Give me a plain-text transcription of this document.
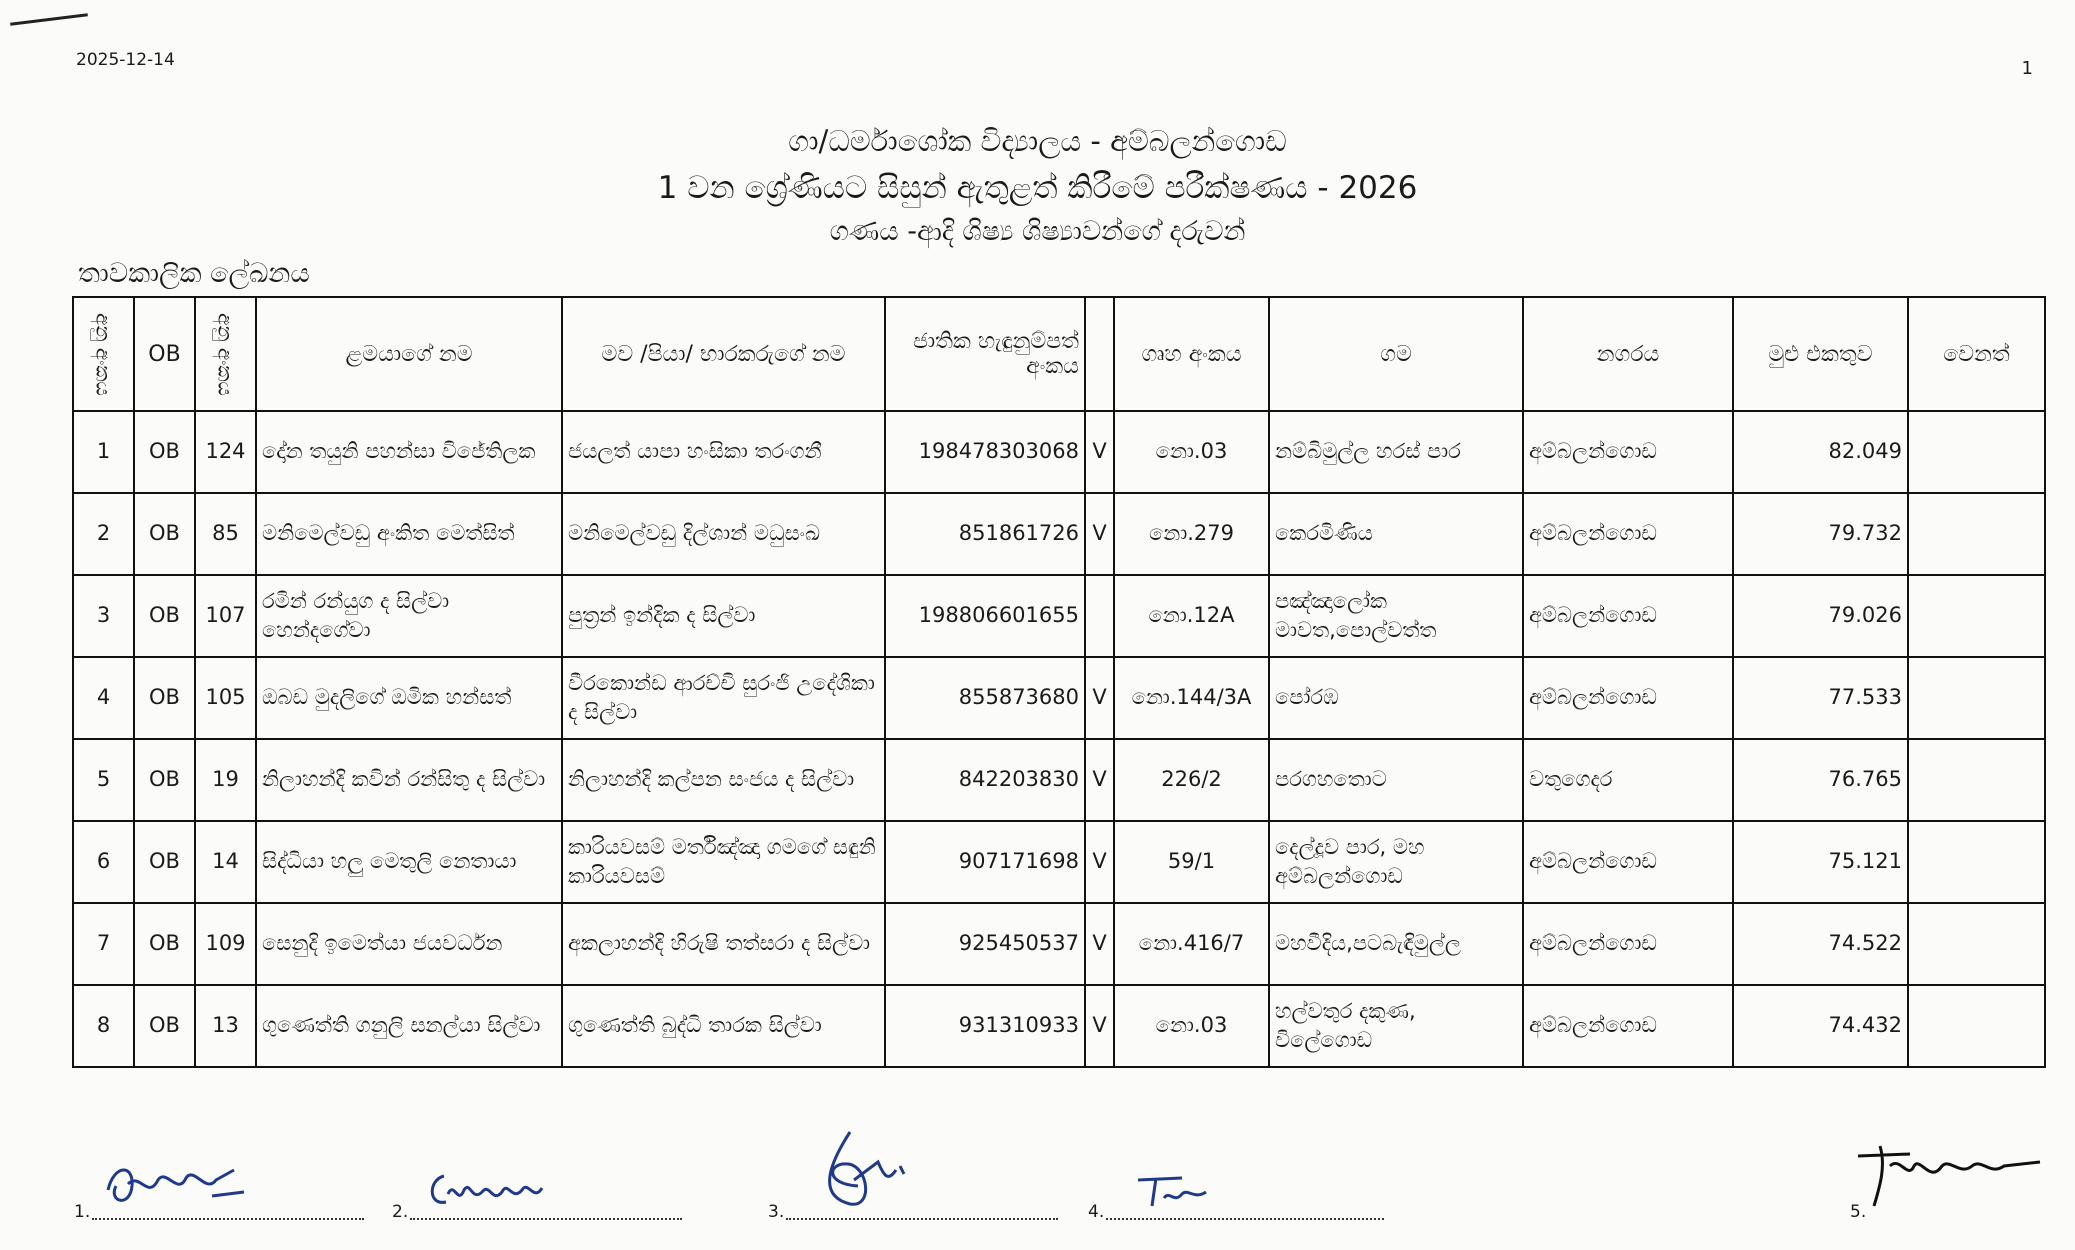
2025-12-14	1
ගා/ධර්මාශෝක විද්‍යාලය - අම්බලන්ගොඩ
1 වන ශ්‍රේණියට සිසුන් ඇතුළත් කිරීමේ පරීක්ෂණය - 2026
ගණය -ආදි ශිෂ්‍ය ශිෂ්‍යාවන්ගේ දරුවන්
තාවකාලික ලේඛනය
අනු අංකය	OB	අනු අංකය	ළමයාගේ නම	මව /පියා/ භාරකරුගේ නම	ජාතික හැඳුනුම්පත් අංකය		ගෘහ අංකය	ගම	නගරය	මුළු එකතුව	වෙනත්
1	OB	124	දෝන තයුනි පහන්සා විජේතිලක	ජයලත් යාපා හංසිකා තරංගනී	198478303068	V	නො.03	නම්බිමුල්ල හරස් පාර	අම්බලන්ගොඩ	82.049	
2	OB	85	මනිමෙල්වඩු අංකිත මෙත්සිත්	මනිමෙල්වඩු දිල්ශාන් මධුසංඛ	851861726	V	නො.279	කෙරමිණිය	අම්බලන්ගොඩ	79.732	
3	OB	107	රමින් රන්යුග ද සිල්වා හෙන්දගේවා	පුත්‍රන් ඉන්දික ද සිල්වා	198806601655		නො.12A	පඤ්ඤාලෝක මාවත,පොල්වත්ත	අම්බලන්ගොඩ	79.026	
4	OB	105	ඔබඩ මුදලිගේ ඔමික හන්සත්	වීරකොන්ඩ ආරච්චි සුරංජි උදේශිකා ද සිල්වා	855873680	V	නො.144/3A	පෝරඹ	අම්බලන්ගොඩ	77.533	
5	OB	19	නිලාහන්දි කවින් රන්සිතු ද සිල්වා	නිලාහන්දි කල්පන සංජය ද සිල්වා	842203830	V	226/2	පරගහතොට	වතුගෙදර	76.765	
6	OB	14	සිද්ධියා හලු මෙතුලි නෙතායා	කාරියවසම් මර්තිඤ්ඤා ගමගේ සඳුනි කාරියවසම්	907171698	V	59/1	දෙල්දූව පාර, මහ අම්බලන්ගොඩ	අම්බලන්ගොඩ	75.121	
7	OB	109	සෙනුදි ඉමෙත්යා ජයවර්ධන	අකලාහන්දි හිරුෂි තත්සරා ද සිල්වා	925450537	V	නො.416/7	මහවීදිය,පටබැඳිමුල්ල	අම්බලන්ගොඩ	74.522	
8	OB	13	ගුණෙත්ති ගනුලි සනල්යා සිල්වා	ගුණෙත්ති බුද්ධි තාරක සිල්වා	931310933	V	නො.03	හල්වතුර දකුණ, විලේගොඩ	අම්බලන්ගොඩ	74.432	
1.	2.	3.	4.	5.
